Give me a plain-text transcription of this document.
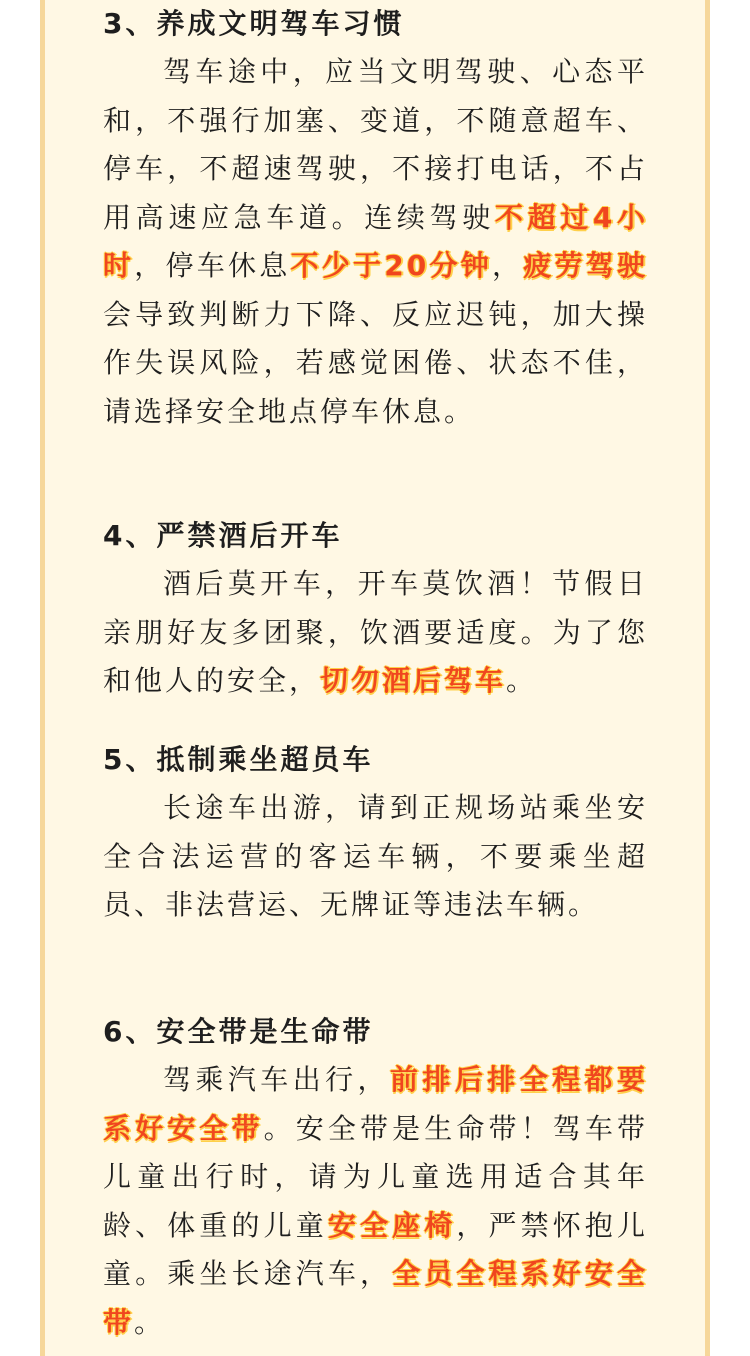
3、养成文明驾车习惯

驾车途中，应当文明驾驶、心态平和，不强行加塞、变道，不随意超车、停车，不超速驾驶，不接打电话，不占用高速应急车道。连续驾驶不超过4小时，停车休息不少于20分钟，疲劳驾驶会导致判断力下降、反应迟钝，加大操作失误风险，若感觉困倦、状态不佳，请选择安全地点停车休息。

4、严禁酒后开车

酒后莫开车，开车莫饮酒！节假日亲朋好友多团聚，饮酒要适度。为了您和他人的安全，切勿酒后驾车。

5、抵制乘坐超员车

长途车出游，请到正规场站乘坐安全合法运营的客运车辆，不要乘坐超员、非法营运、无牌证等违法车辆。

6、安全带是生命带

驾乘汽车出行，前排后排全程都要系好安全带。安全带是生命带！驾车带儿童出行时，请为儿童选用适合其年龄、体重的儿童安全座椅，严禁怀抱儿童。乘坐长途汽车，全员全程系好安全带。
